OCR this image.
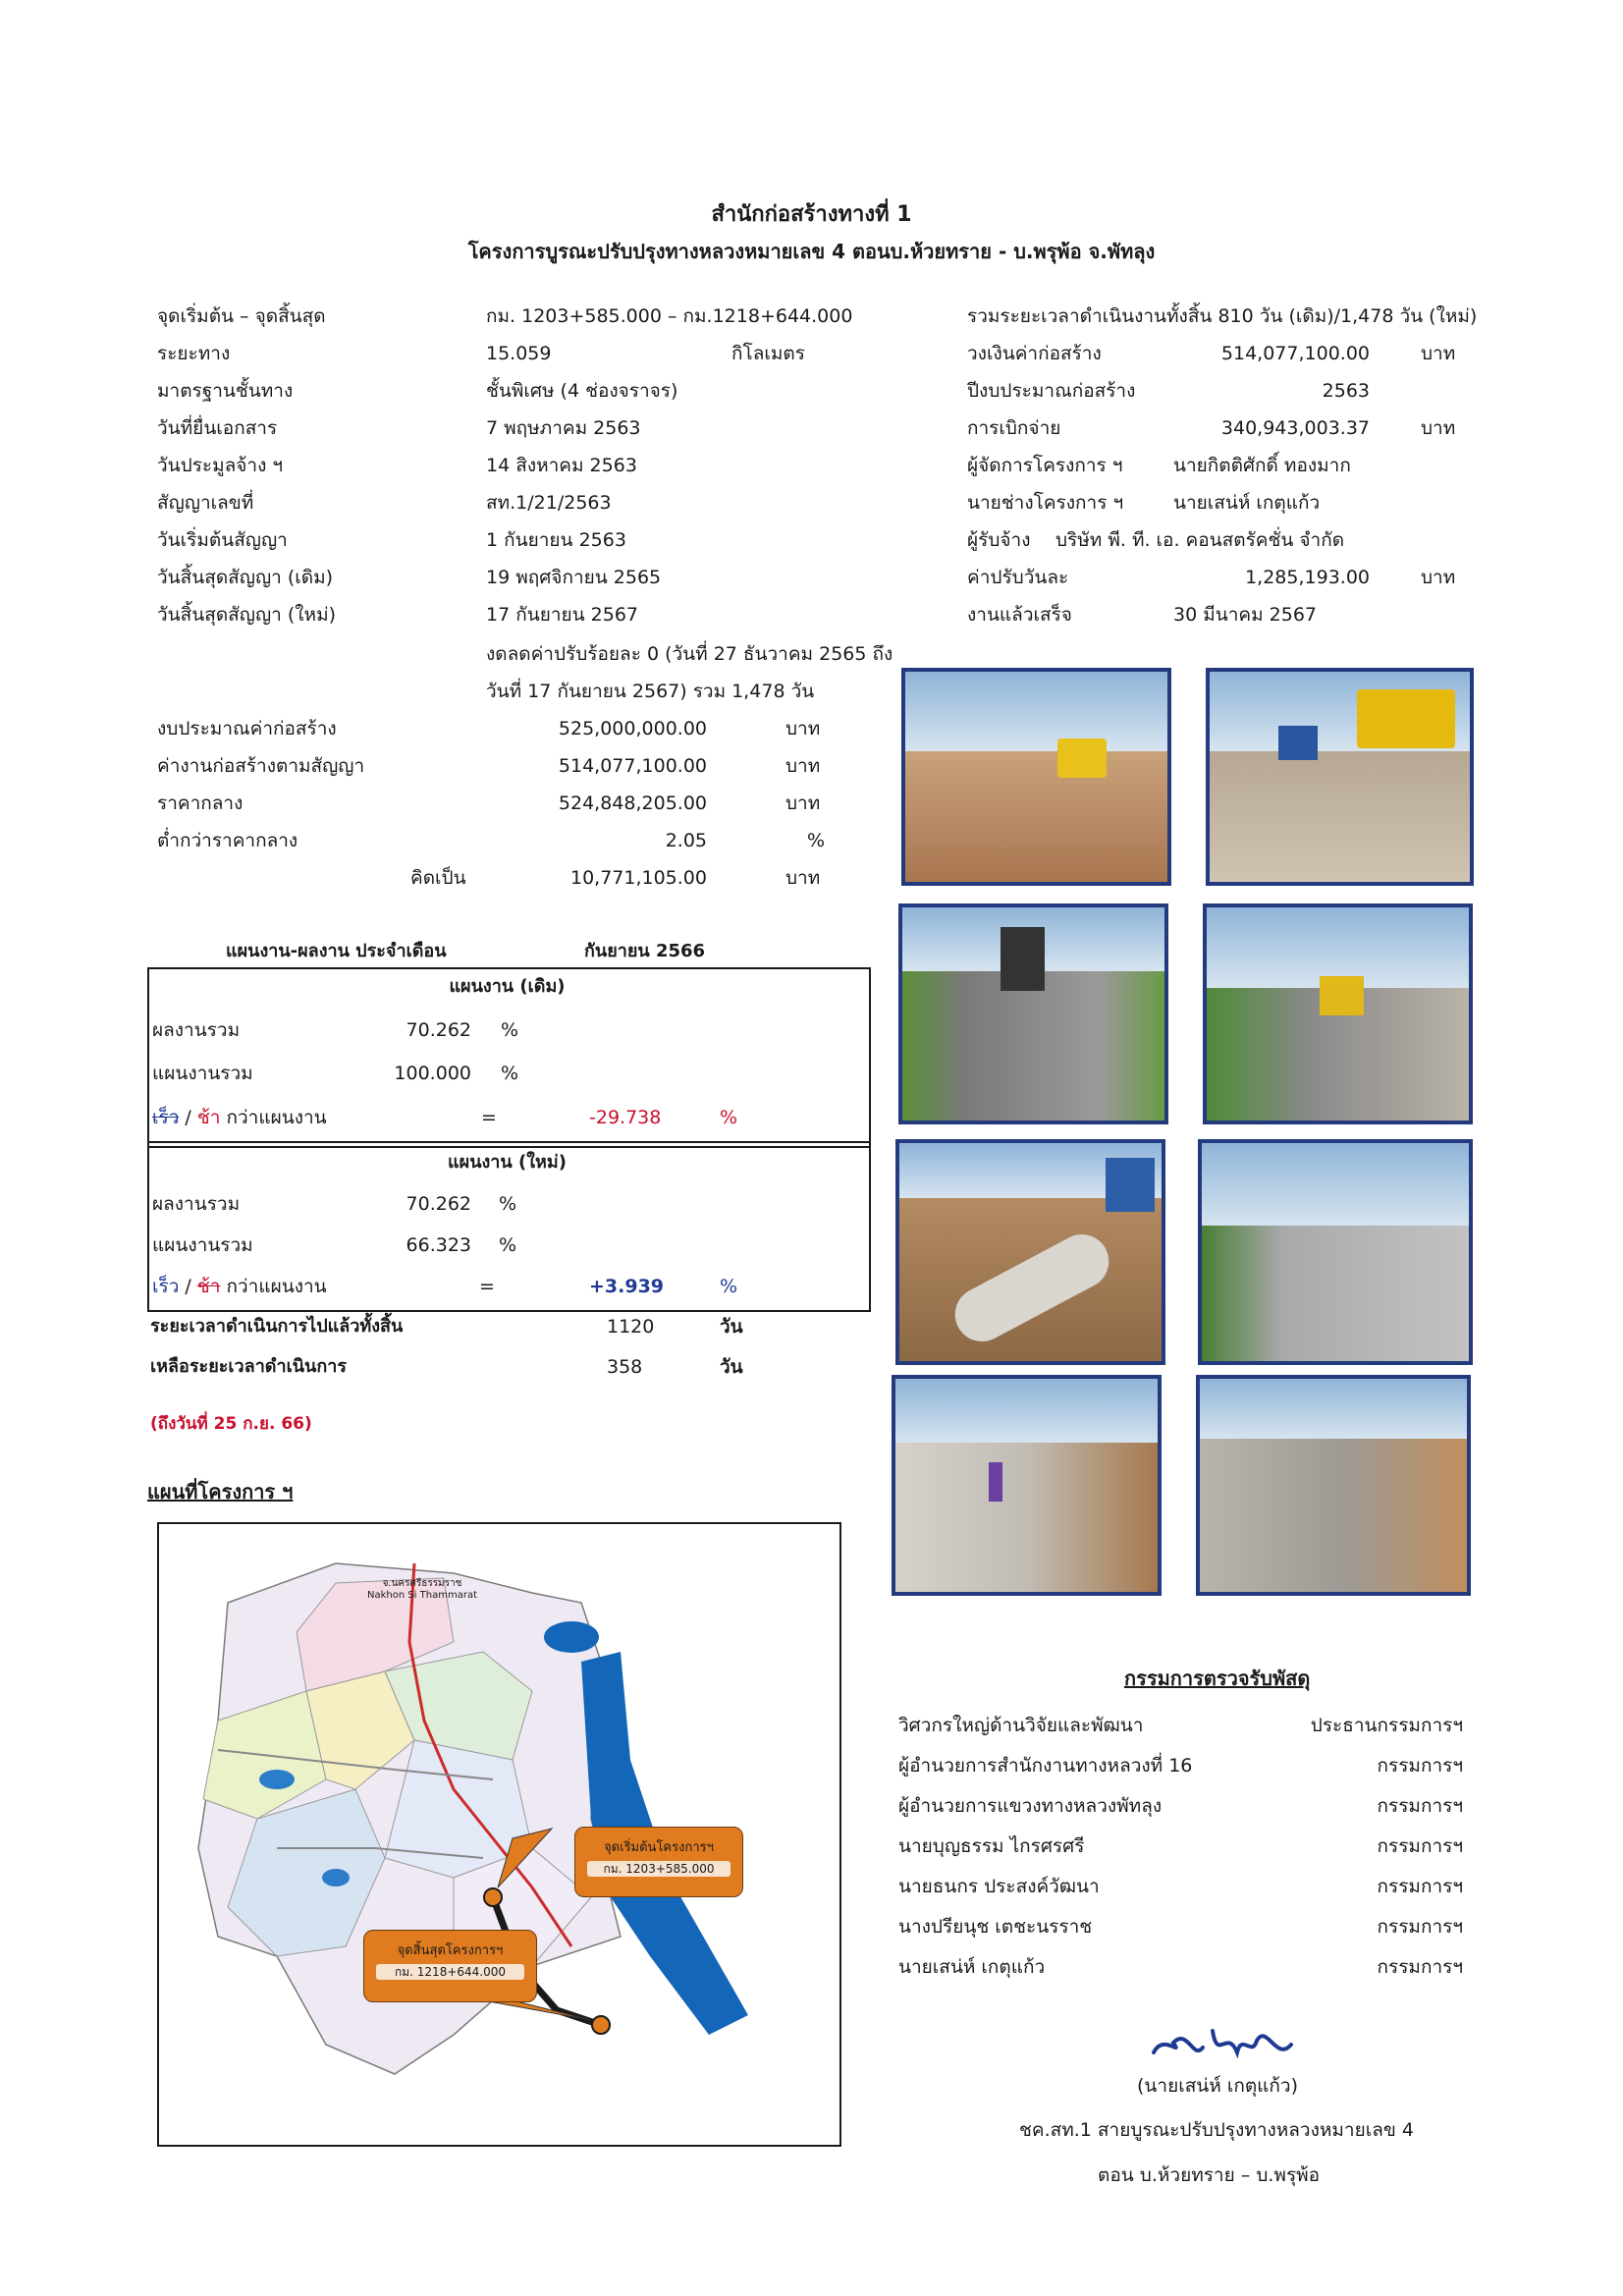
สำนักก่อสร้างทางที่ 1
โครงการบูรณะปรับปรุงทางหลวงหมายเลข 4 ตอนบ.ห้วยทราย - บ.พรุพ้อ จ.พัทลุง
จุดเริ่มต้น – จุดสิ้นสุด	กม. 1203+585.000 – กม.1218+644.000
ระยะทาง	15.059	กิโลเมตร
มาตรฐานชั้นทาง	ชั้นพิเศษ (4 ช่องจราจร)
วันที่ยื่นเอกสาร	7 พฤษภาคม 2563
วันประมูลจ้าง ฯ	14 สิงหาคม 2563
สัญญาเลขที่	สท.1/21/2563
วันเริ่มต้นสัญญา	1 กันยายน 2563
วันสิ้นสุดสัญญา (เดิม)	19 พฤศจิกายน 2565
วันสิ้นสุดสัญญา (ใหม่)	17 กันยายน 2567
งดลดค่าปรับร้อยละ 0 (วันที่ 27 ธันวาคม 2565 ถึง
วันที่ 17 กันยายน 2567) รวม 1,478 วัน
รวมระยะเวลาดำเนินงานทั้งสิ้น 810 วัน (เดิม)/1,478 วัน (ใหม่)
วงเงินค่าก่อสร้าง	514,077,100.00	บาท
ปีงบประมาณก่อสร้าง	2563
การเบิกจ่าย	340,943,003.37	บาท
ผู้จัดการโครงการ ฯ	นายกิตติศักดิ์ ทองมาก
นายช่างโครงการ ฯ	นายเสน่ห์ เกตุแก้ว
ผู้รับจ้าง บริษัท พี. ที. เอ. คอนสตรัคชั่น จำกัด
ค่าปรับวันละ	1,285,193.00	บาท
งานแล้วเสร็จ	30 มีนาคม 2567
งบประมาณค่าก่อสร้าง	525,000,000.00	บาท
ค่างานก่อสร้างตามสัญญา	514,077,100.00	บาท
ราคากลาง	524,848,205.00	บาท
ต่ำกว่าราคากลาง	2.05	%
คิดเป็น	10,771,105.00	บาท
แผนงาน-ผลงาน ประจำเดือน	กันยายน 2566
แผนงาน (เดิม)
ผลงานรวม	70.262 %
แผนงานรวม	100.000 %
เร็ว / ช้า กว่าแผนงาน	=	-29.738	%
แผนงาน (ใหม่)
ผลงานรวม	70.262 %
แผนงานรวม	66.323 %
เร็ว / ช้า กว่าแผนงาน	=	+3.939	%
ระยะเวลาดำเนินการไปแล้วทั้งสิ้น	1120	วัน
เหลือระยะเวลาดำเนินการ	358	วัน
(ถึงวันที่ 25 ก.ย. 66)
แผนที่โครงการ ฯ
จ.นครศรีธรรมราช
Nakhon Si Thammarat
จุดเริ่มต้นโครงการฯ
กม. 1203+585.000
จุดสิ้นสุดโครงการฯ
กม. 1218+644.000
กรรมการตรวจรับพัสดุ
วิศวกรใหญ่ด้านวิจัยและพัฒนา	ประธานกรรมการฯ
ผู้อำนวยการสำนักงานทางหลวงที่ 16	กรรมการฯ
ผู้อำนวยการแขวงทางหลวงพัทลุง	กรรมการฯ
นายบุญธรรม ไกรศรศรี	กรรมการฯ
นายธนกร ประสงค์วัฒนา	กรรมการฯ
นางปรียนุช เตชะนรราช	กรรมการฯ
นายเสน่ห์ เกตุแก้ว	กรรมการฯ
(นายเสน่ห์ เกตุแก้ว)
ชค.สท.1 สายบูรณะปรับปรุงทางหลวงหมายเลข 4
ตอน บ.ห้วยทราย – บ.พรุพ้อ
